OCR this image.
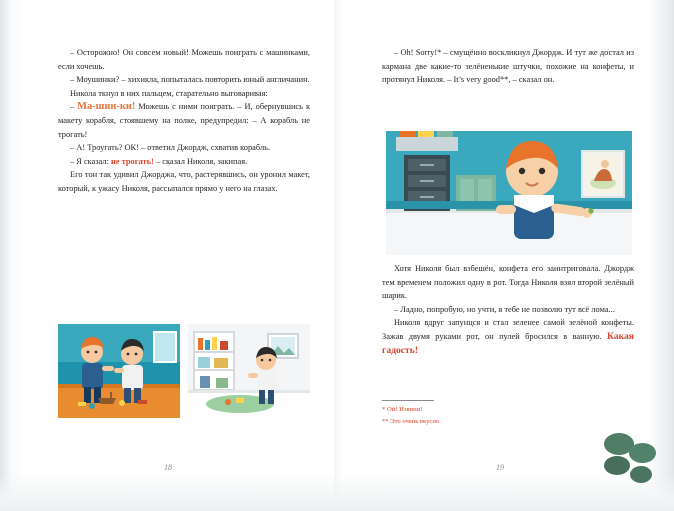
– Осторожно! Он совсем новый! Можешь поиграть с машинками, если хочешь.

– Моушинки? – хихикла, попыталась повторить юный англичанин.

Никола ткнул в них пальцем, старательно выговаривая:

– Ма-шин-ки! Можешь с ними поиграть. – И, обернувшись к макету корабля, стоявшему на полке, предупредил: – А корабль не трогать!

– А! Троугать? ОК! – ответил Джордж, схватив корабль.

– Я сказал: не трогать! – сказал Николя, закипая.

Его тон так удивил Джорджа, что, растерявшись, он уронил макет, который, к ужасу Николя, рассыпался прямо у него на глазах.

– Oh! Sorry!* – смущённо воскликнул Джордж. И тут же достал из кармана две какие-то зелёненькие штучки, похожие на конфеты, и протянул Николя. – It’s very good**, – сказал он.

Хотя Николя был взбешён, конфета его заинтриговала. Джордж тем временем положил одну в рот. Тогда Николя взял второй зелёный шарик.

– Ладно, попробую, но учти, я тебе не позволю тут всё лома...

Николя вдруг запунцся и стал зеленее самой зелёной конфеты. Зажав двумя руками рот, он пулей бросился в ванную. Какая гадость!

* Ой! Извини!
** Это очень вкусно.
18	19
